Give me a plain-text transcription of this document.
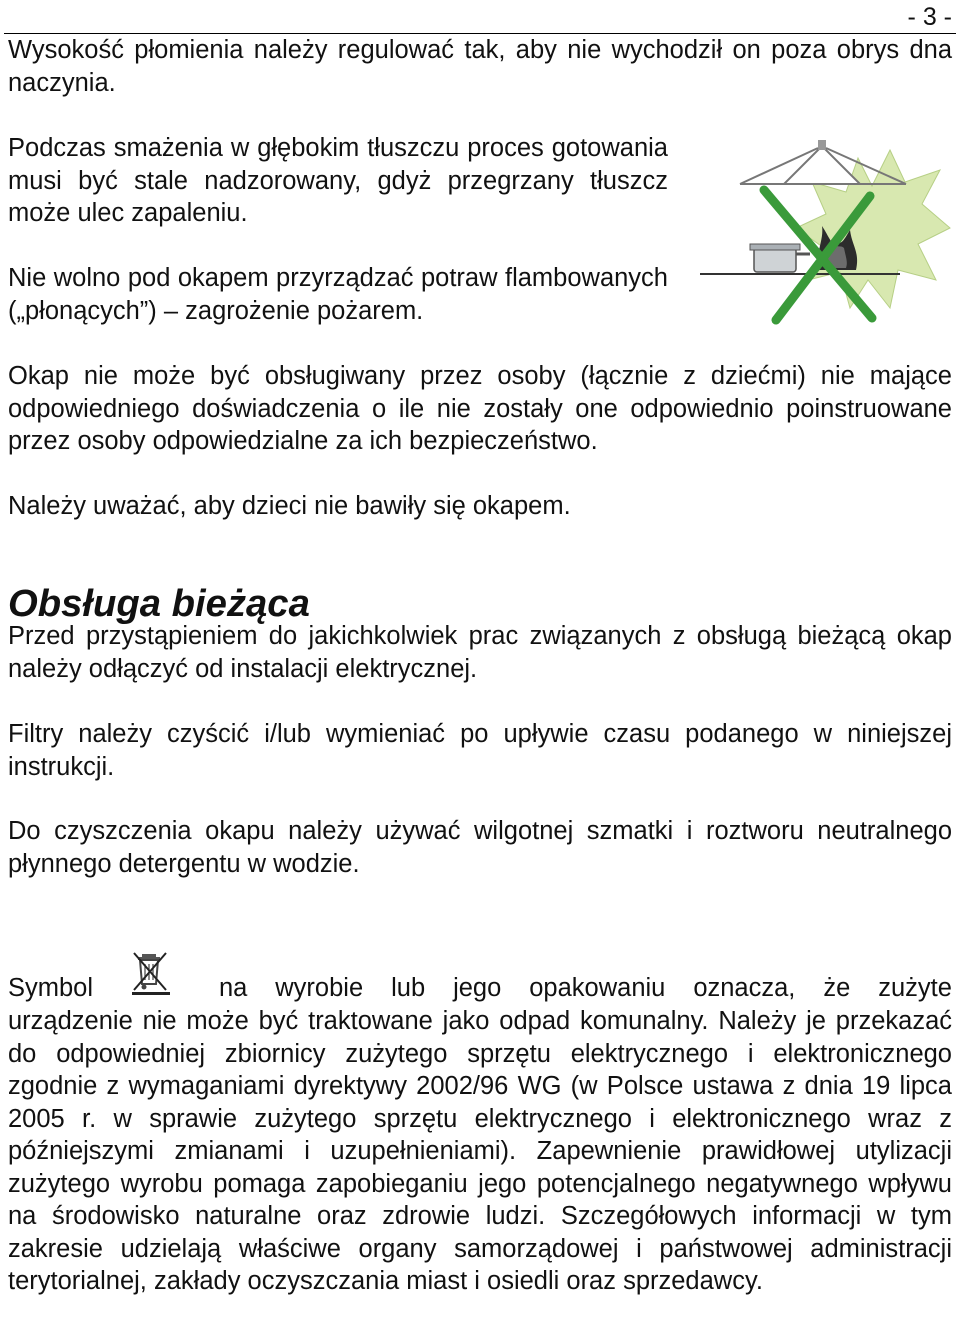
- 3 -

Wysokość płomienia należy regulować tak, aby nie wychodził on poza obrys dna naczynia.

Podczas smażenia w głębokim tłuszczu proces gotowania musi być stale nadzorowany, gdyż przegrzany tłuszcz może ulec zapaleniu.

Nie wolno pod okapem przyrządzać potraw flambowanych („płonących”) – zagrożenie pożarem.

Okap nie może być obsługiwany przez osoby (łącznie z dziećmi) nie mające odpowiedniego doświadczenia o ile nie zostały one odpowiednio poinstruowane przez osoby odpowiedzialne za ich bezpieczeństwo.

Należy uważać, aby dzieci nie bawiły się okapem.

Obsługa bieżąca

Przed przystąpieniem do jakichkolwiek prac związanych z obsługą bieżącą okap należy odłączyć od instalacji elektrycznej.

Filtry należy czyścić i/lub wymieniać po upływie czasu podanego w niniejszej instrukcji.

Do czyszczenia okapu należy używać wilgotnej szmatki i roztworu neutralnego płynnego detergentu w wodzie.

Symbol	na wyrobie lub jego opakowaniu oznacza, że zużyte

urządzenie nie może być traktowane jako odpad komunalny. Należy je przekazać do odpowiedniej zbiornicy zużytego sprzętu elektrycznego i elektronicznego zgodnie z wymaganiami dyrektywy 2002/96 WG (w Polsce ustawa z dnia 19 lipca 2005 r. w sprawie zużytego sprzętu elektrycznego i elektronicznego wraz z późniejszymi zmianami i uzupełnieniami). Zapewnienie prawidłowej utylizacji zużytego wyrobu pomaga zapobieganiu jego potencjalnego negatywnego wpływu na środowisko naturalne oraz zdrowie ludzi. Szczegółowych informacji w tym zakresie udzielają właściwe organy samorządowej i państwowej administracji terytorialnej, zakłady oczyszczania miast i osiedli oraz sprzedawcy.
